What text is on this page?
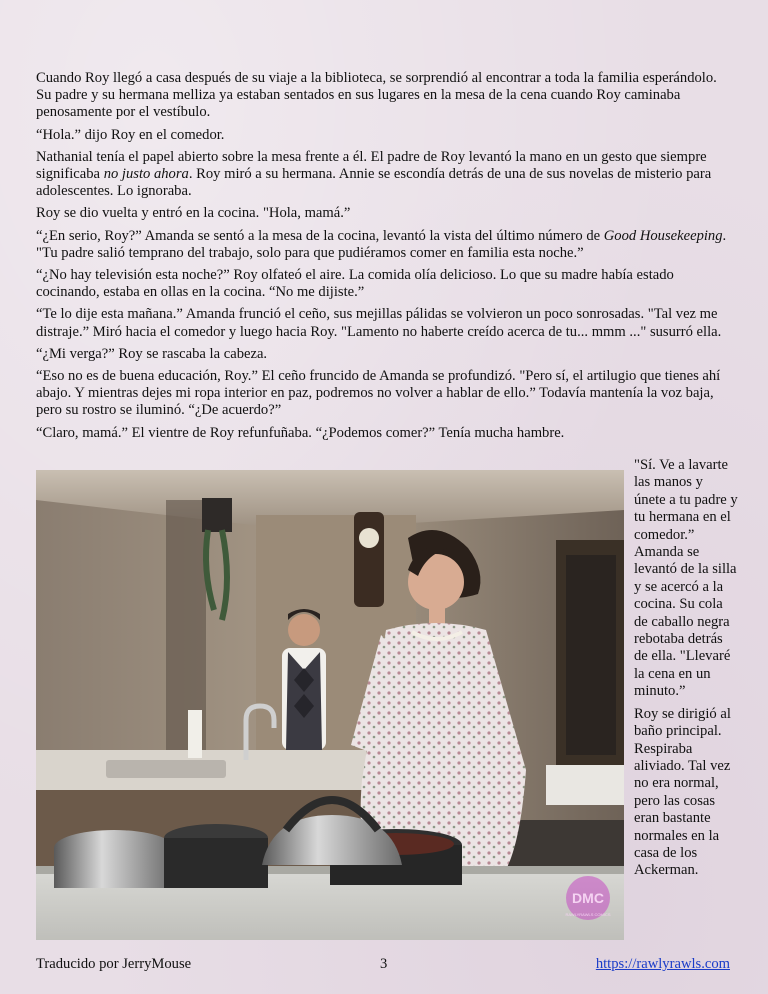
Cuando Roy llegó a casa después de su viaje a la biblioteca, se sorprendió al encontrar a toda la familia esperándolo. Su padre y su hermana melliza ya estaban sentados en sus lugares en la mesa de la cena cuando Roy caminaba penosamente por el vestíbulo.

“Hola.” dijo Roy en el comedor.

Nathanial tenía el papel abierto sobre la mesa frente a él. El padre de Roy levantó la mano en un gesto que siempre significaba no justo ahora. Roy miró a su hermana. Annie se escondía detrás de una de sus novelas de misterio para adolescentes. Lo ignoraba.

Roy se dio vuelta y entró en la cocina. "Hola, mamá.”

“¿En serio, Roy?” Amanda se sentó a la mesa de la cocina, levantó la vista del último número de Good Housekeeping. "Tu padre salió temprano del trabajo, solo para que pudiéramos comer en familia esta noche.”

“¿No hay televisión esta noche?” Roy olfateó el aire. La comida olía delicioso. Lo que su madre había estado cocinando, estaba en ollas en la cocina. “No me dijiste.”

“Te lo dije esta mañana.” Amanda frunció el ceño, sus mejillas pálidas se volvieron un poco sonrosadas. "Tal vez me distraje.” Miró hacia el comedor y luego hacia Roy. "Lamento no haberte creído acerca de tu... mmm ..." susurró ella.

“¿Mi verga?” Roy se rascaba la cabeza.

“Eso no es de buena educación, Roy.” El ceño fruncido de Amanda se profundizó. "Pero sí, el artilugio que tienes ahí abajo. Y mientras dejes mi ropa interior en paz, podremos no volver a hablar de ello.” Todavía mantenía la voz baja, pero su rostro se iluminó. “¿De acuerdo?”

“Claro, mamá.” El vientre de Roy refunfuñaba. “¿Podemos comer?” Tenía mucha hambre.

DMC
RAWLYRAWLS COMICS

"Sí. Ve a lavarte las manos y únete a tu padre y tu hermana en el comedor.” Amanda se levantó de la silla y se acercó a la cocina. Su cola de caballo negra rebotaba detrás de ella. "Llevaré la cena en un minuto.”

Roy se dirigió al baño principal. Respiraba aliviado. Tal vez no era normal, pero las cosas eran bastante normales en la casa de los Ackerman.

Traducido por JerryMouse	3	https://rawlyrawls.com
